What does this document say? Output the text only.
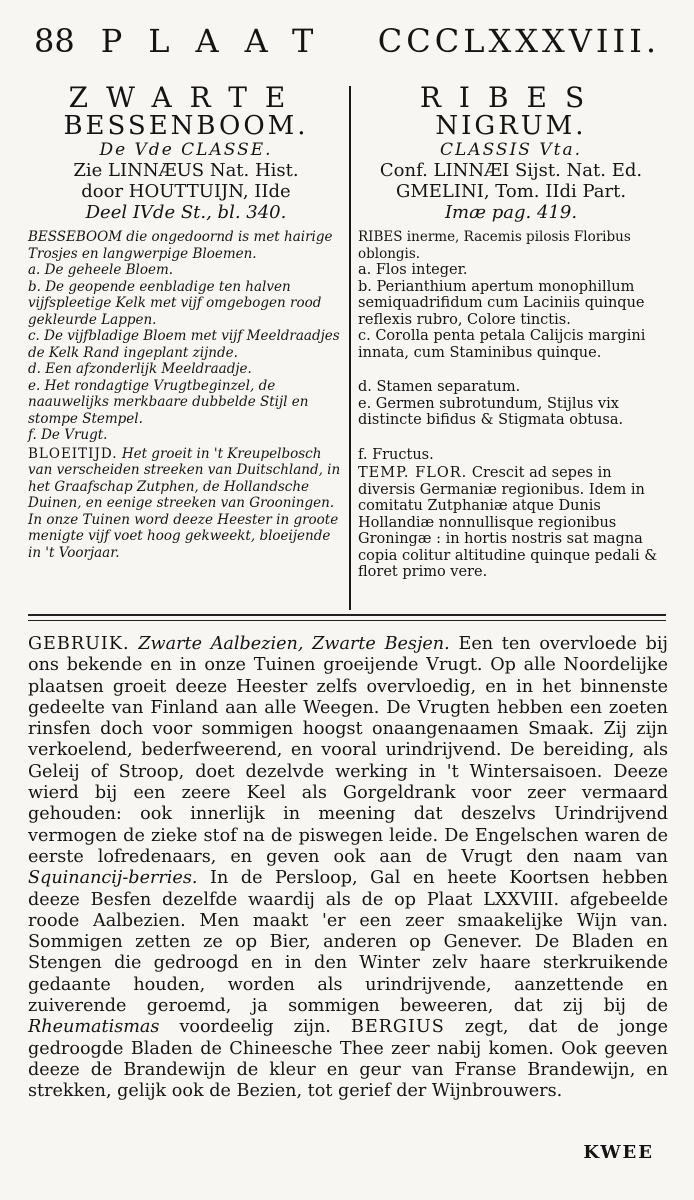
88 PLAAT CCCLXXXVIII.
ZWARTE
BESSENBOOM.
De Vde CLASSE.
Zie LINNÆUS Nat. Hist.
door HOUTTUIJN, IIde
Deel IVde St., bl. 340.
BESSEBOOM die ongedoornd is met hairige Trosjes en langwerpige Bloemen.
a. De geheele Bloem.
b. De geopende eenbladige ten halven vijfspleetige Kelk met vijf omgebogen rood gekleurde Lappen.
c. De vijfbladige Bloem met vijf Meeldraadjes de Kelk Rand ingeplant zijnde.
d. Een afzonderlijk Meeldraadje.
e. Het rondagtige Vrugtbeginzel, de naauwelijks merkbaare dubbelde Stijl en stompe Stempel.
f. De Vrugt.
BLOEITIJD. Het groeit in 't Kreupelbosch van verscheiden streeken van Duitschland, in het Graafschap Zutphen, de Hollandsche Duinen, en eenige streeken van Grooningen. In onze Tuinen word deeze Heester in groote menigte vijf voet hoog gekweekt, bloeijende in 't Voorjaar.
RIBES
NIGRUM.
CLASSIS Vta.
Conf. LINNÆI Sijst. Nat. Ed.
GMELINI, Tom. IIdi Part.
Imæ pag. 419.
RIBES inerme, Racemis pilosis Floribus oblongis.
a. Flos integer.
b. Perianthium apertum monophillum semiquadrifidum cum Laciniis quinque reflexis rubro, Colore tinctis.
c. Corolla penta petala Calijcis margini innata, cum Staminibus quinque.
d. Stamen separatum.
e. Germen subrotundum, Stijlus vix distincte bifidus & Stigmata obtusa.
f. Fructus.
TEMP. FLOR. Crescit ad sepes in diversis Germaniæ regionibus. Idem in comitatu Zutphaniæ atque Dunis Hollandiæ nonnullisque regionibus Groningæ : in hortis nostris sat magna copia colitur altitudine quinque pedali & floret primo vere.
GEBRUIK. Zwarte Aalbezien, Zwarte Besjen. Een ten overvloede bij ons bekende en in onze Tuinen groeijende Vrugt. Op alle Noordelijke plaatsen groeit deeze Heester zelfs overvloedig, en in het binnenste gedeelte van Finland aan alle Weegen. De Vrugten hebben een zoeten rinsfen doch voor sommigen hoogst onaangenaamen Smaak. Zij zijn verkoelend, bederfweerend, en vooral urindrijvend. De bereiding, als Geleij of Stroop, doet dezelvde werking in 't Wintersaisoen. Deeze wierd bij een zeere Keel als Gorgeldrank voor zeer vermaard gehouden: ook innerlijk in meening dat deszelvs Urindrijvend vermogen de zieke stof na de piswegen leide. De Engelschen waren de eerste lofredenaars, en geven ook aan de Vrugt den naam van Squinancij-berries. In de Persloop, Gal en heete Koortsen hebben deeze Besfen dezelfde waardij als de op Plaat LXXVIII. afgebeelde roode Aalbezien. Men maakt 'er een zeer smaakelijke Wijn van. Sommigen zetten ze op Bier, anderen op Genever. De Bladen en Stengen die gedroogd en in den Winter zelv haare sterkruikende gedaante houden, worden als urindrijvende, aanzettende en zuiverende geroemd, ja sommigen beweeren, dat zij bij de Rheumatismas voordeelig zijn. BERGIUS zegt, dat de jonge gedroogde Bladen de Chineesche Thee zeer nabij komen. Ook geeven deeze de Brandewijn de kleur en geur van Franse Brandewijn, en strekken, gelijk ook de Bezien, tot gerief der Wijnbrouwers.
KWEE
